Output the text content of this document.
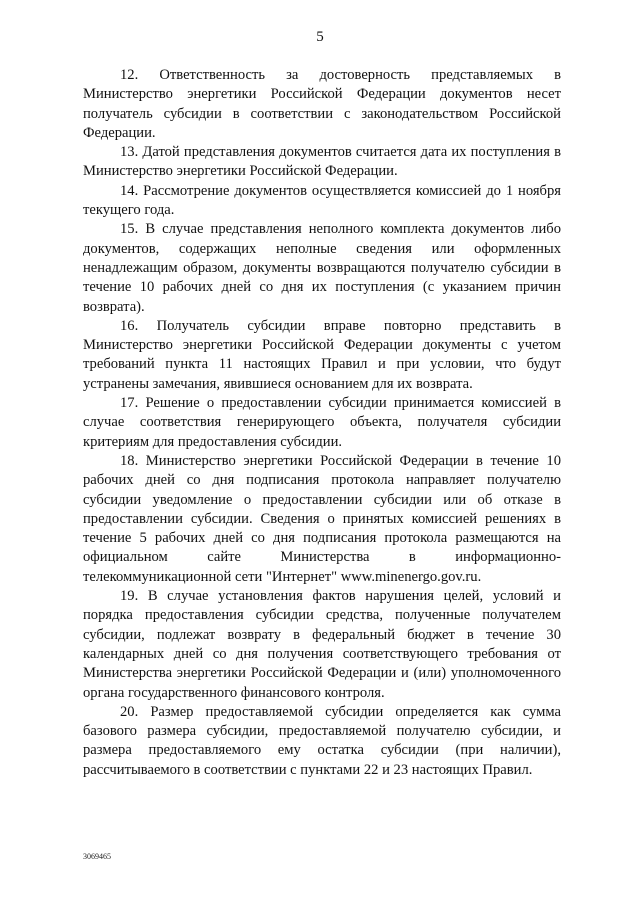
5

12. Ответственность за достоверность представляемых в Министерство энергетики Российской Федерации документов несет получатель субсидии в соответствии с законодательством Российской Федерации.

13. Датой представления документов считается дата их поступления в Министерство энергетики Российской Федерации.

14. Рассмотрение документов осуществляется комиссией до 1 ноября текущего года.

15. В случае представления неполного комплекта документов либо документов, содержащих неполные сведения или оформленных ненадлежащим образом, документы возвращаются получателю субсидии в течение 10 рабочих дней со дня их поступления (с указанием причин возврата).

16. Получатель субсидии вправе повторно представить в Министерство энергетики Российской Федерации документы с учетом требований пункта 11 настоящих Правил и при условии, что будут устранены замечания, явившиеся основанием для их возврата.

17. Решение о предоставлении субсидии принимается комиссией в случае соответствия генерирующего объекта, получателя субсидии критериям для предоставления субсидии.

18. Министерство энергетики Российской Федерации в течение 10 рабочих дней со дня подписания протокола направляет получателю субсидии уведомление о предоставлении субсидии или об отказе в предоставлении субсидии. Сведения о принятых комиссией решениях в течение 5 рабочих дней со дня подписания протокола размещаются на официальном сайте Министерства в информационно-телекоммуникационной сети "Интернет" www.minenergo.gov.ru.

19. В случае установления фактов нарушения целей, условий и порядка предоставления субсидии средства, полученные получателем субсидии, подлежат возврату в федеральный бюджет в течение 30 календарных дней со дня получения соответствующего требования от Министерства энергетики Российской Федерации и (или) уполномоченного органа государственного финансового контроля.

20. Размер предоставляемой субсидии определяется как сумма базового размера субсидии, предоставляемой получателю субсидии, и размера предоставляемого ему остатка субсидии (при наличии), рассчитываемого в соответствии с пунктами 22 и 23 настоящих Правил.

3069465
